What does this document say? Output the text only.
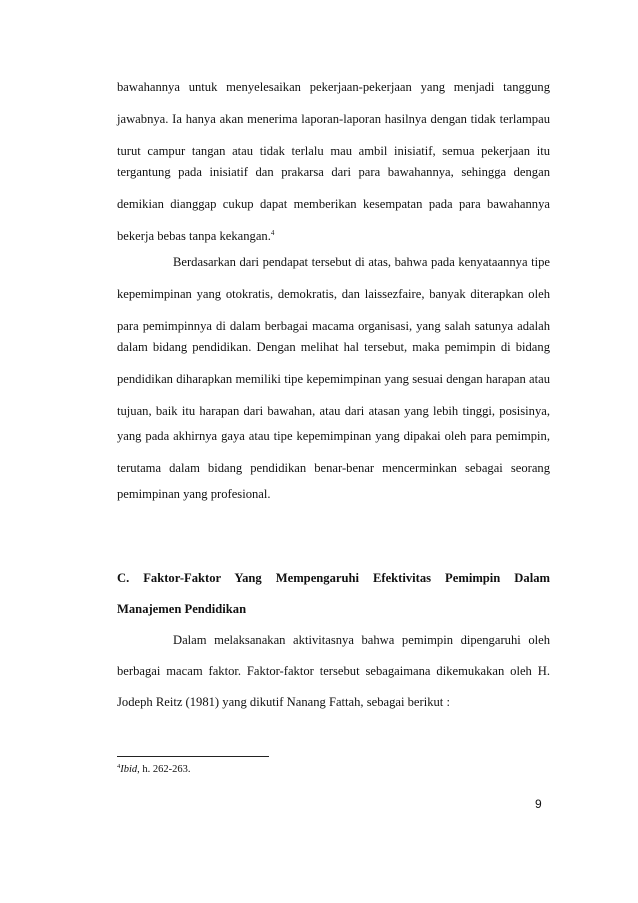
bawahannya untuk menyelesaikan pekerjaan-pekerjaan yang menjadi tanggung
jawabnya. Ia hanya akan menerima laporan-laporan hasilnya dengan tidak terlampau
turut campur tangan atau tidak terlalu mau ambil inisiatif, semua pekerjaan itu
tergantung pada inisiatif dan prakarsa dari para bawahannya, sehingga dengan
demikian dianggap cukup dapat memberikan kesempatan pada para bawahannya
bekerja bebas tanpa kekangan.$^4$
Berdasarkan dari pendapat tersebut di atas, bahwa pada kenyataannya tipe
kepemimpinan yang otokratis, demokratis, dan laissezfaire, banyak diterapkan oleh
para pemimpinnya di dalam berbagai macama organisasi, yang salah satunya adalah
dalam bidang pendidikan. Dengan melihat hal tersebut, maka pemimpin di bidang
pendidikan diharapkan memiliki tipe kepemimpinan yang sesuai dengan harapan atau
tujuan, baik itu harapan dari bawahan, atau dari atasan yang lebih tinggi, posisinya,
yang pada akhirnya gaya atau tipe kepemimpinan yang dipakai oleh para pemimpin,
terutama dalam bidang pendidikan benar-benar mencerminkan sebagai seorang
pemimpinan yang profesional.
C. Faktor-Faktor Yang Mempengaruhi Efektivitas Pemimpin Dalam
Manajemen Pendidikan
Dalam melaksanakan aktivitasnya bahwa pemimpin dipengaruhi oleh
berbagai macam faktor. Faktor-faktor tersebut sebagaimana dikemukakan oleh H.
Jodeph Reitz (1981) yang dikutif Nanang Fattah, sebagai berikut :
$^4$Ibid, h. 262-263.
9
